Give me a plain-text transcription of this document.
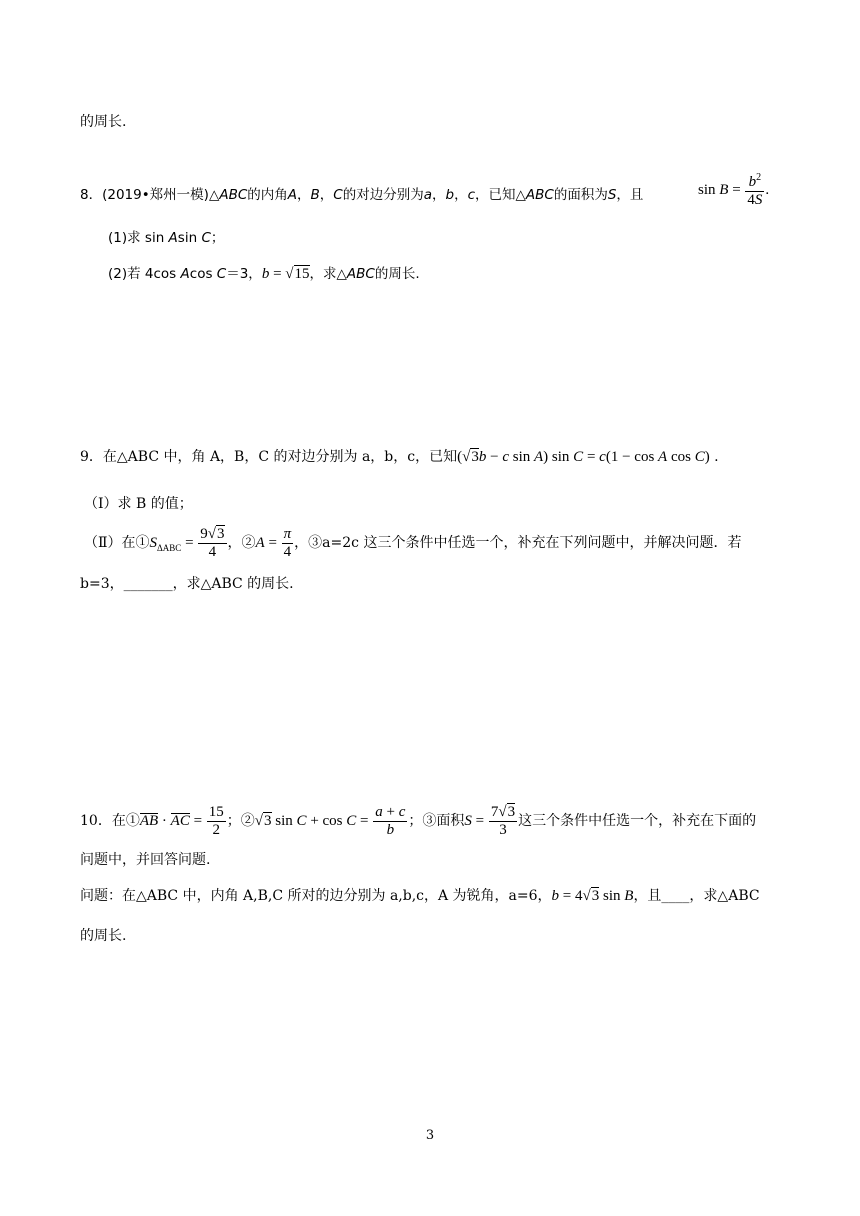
的周长.
8．(2019•郑州一模)△ABC的内角A，B，C的对边分别为a，b，c，已知△ABC的面积为S，且	$\sin B = \frac{b^2}{4S}$ .
(1)求 sin Asin C；
(2)若 4cos Acos C＝3，b = √15，求△ABC的周长.
9．在△ABC 中，角 A，B，C 的对边分别为 a，b，c，已知(√3b − c sin A) sin C = c(1 − cos A cos C) .
（Ⅰ）求 B 的值；
（Ⅱ）在$①S_{\Delta ABC} = \frac{9√3}{4}$ ，②A = $\frac{\pi}{4}$ ，③a=2c 这三个条件中任选一个，补充在下列问题中，并解决问题．若
b=3，_______，求△ABC 的周长.
10．在①AB · AC = $\frac{15}{2}$ ；②√3 $\sin C + \cos C = \frac{a + c}{b}$ ；③面积$S = \frac{7√3}{3}$ 这三个条件中任选一个，补充在下面的
问题中，并回答问题.
问题：在△ABC 中，内角 A,B,C 所对的边分别为 a,b,c，A 为锐角，a=6，b = 4√3 sin B，且____，求△ABC
的周长.
3
